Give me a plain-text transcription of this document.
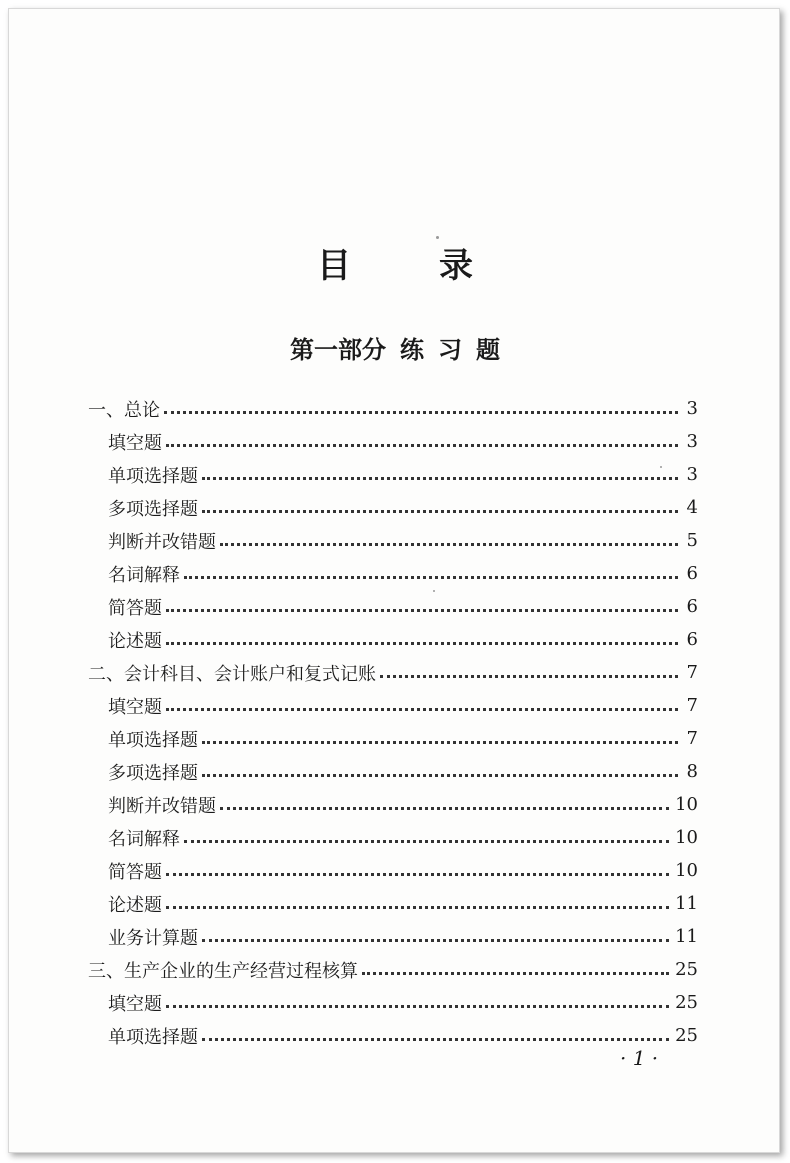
目	录
第一部分 练 习 题
一、总论	3
填空题	3
单项选择题	3
多项选择题	4
判断并改错题	5
名词解释	6
简答题	6
论述题	6
二、会计科目、会计账户和复式记账	7
填空题	7
单项选择题	7
多项选择题	8
判断并改错题	10
名词解释	10
简答题	10
论述题	11
业务计算题	11
三、生产企业的生产经营过程核算	25
填空题	25
单项选择题	25
· 1 ·
